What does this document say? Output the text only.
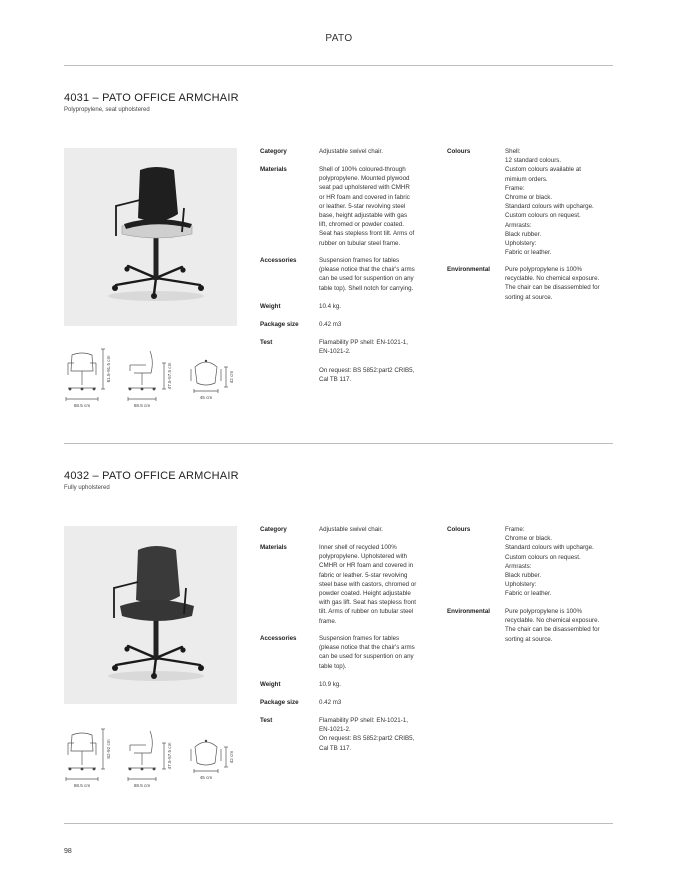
PATO
4031 – PATO OFFICE ARMCHAIR
Polypropylene, seat upholstered
68.5 cm	68.5 cm
45 cm
81.5-91.5 cm	47.5-57.5 cm	42 cm
Category	Adjustable swivel chair.
Materials	Shell of 100% coloured-through
polypropylene. Mounted plywood
seat pad upholstered with CMHR
or HR foam and covered in fabric
or leather. 5-star revolving steel
base, height adjustable with gas
lift, chromed or powder coated.
Seat has stepless front tilt. Arms of
rubber on tubular steel frame.
Accessories	Suspension frames for tables
(please notice that the chair's arms
can be used for suspention on any
table top). Shell notch for carrying.
Weight	10.4 kg.
Package size	0.42 m3
Test	Flamability PP shell: EN-1021-1,
EN-1021-2.

On request: BS 5852:part2 CRIB5,
Cal TB 117.
Colours	Shell:
12 standard colours.
Custom colours available at
mimium orders.
Frame:
Chrome or black.
Standard colours with upcharge.
Custom colours on request.
Armrasts:
Black rubber.
Upholstery:
Fabric or leather.
Environmental Pure polypropylene is 100%
recyclable. No chemical exposure.
The chair can be disassembled for
sorting at source.
4032 – PATO OFFICE ARMCHAIR
Fully upholstered
68.5 cm	68.5 cm
45 cm
82-92 cm	47.5-57.5 cm	42 cm
Category	Adjustable swivel chair.
Materials	Inner shell of recycled 100%
polypropylene. Upholstered with
CMHR or HR foam and covered in
fabric or leather. 5-star revolving
steel base with castors, chromed or
powder coated. Height adjustable
with gas lift. Seat has stepless front
tilt. Arms of rubber on tubular steel
frame.
Accessories	Suspension frames for tables
(please notice that the chair's arms
can be used for suspention on any
table top).
Weight	10.9 kg.
Package size	0.42 m3
Test	Flamability PP shell: EN-1021-1,
EN-1021-2.
On request: BS 5852:part2 CRIB5,
Cal TB 117.
Colours	Frame:
Chrome or black.
Standard colours with upcharge.
Custom colours on request.
Armrasts:
Black rubber.
Upholstery:
Fabric or leather.
Environmental Pure polypropylene is 100%
recyclable. No chemical exposure.
The chair can be disassembled for
sorting at source.
98
